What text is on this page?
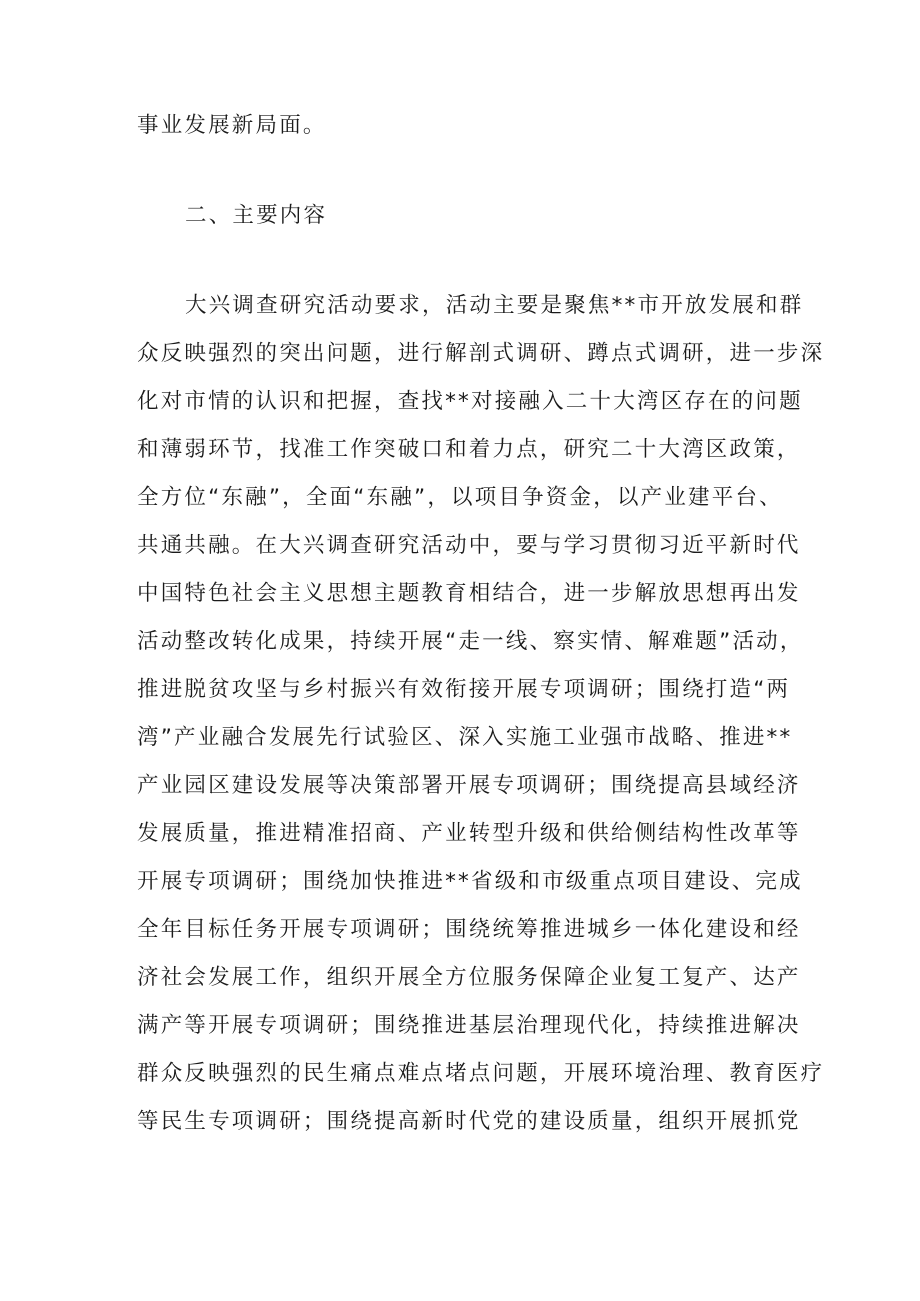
事业发展新局面。
二、主要内容
大兴调查研究活动要求，活动主要是聚焦**市开放发展和群
众反映强烈的突出问题，进行解剖式调研、蹲点式调研，进一步深
化对市情的认识和把握，查找**对接融入二十大湾区存在的问题
和薄弱环节，找准工作突破口和着力点，研究二十大湾区政策，
全方位“东融”，全面“东融”，以项目争资金，以产业建平台、
共通共融。在大兴调查研究活动中，要与学习贯彻习近平新时代
中国特色社会主义思想主题教育相结合，进一步解放思想再出发
活动整改转化成果，持续开展“走一线、察实情、解难题”活动，
推进脱贫攻坚与乡村振兴有效衔接开展专项调研；围绕打造“两
湾”产业融合发展先行试验区、深入实施工业强市战略、推进**
产业园区建设发展等决策部署开展专项调研；围绕提高县域经济
发展质量，推进精准招商、产业转型升级和供给侧结构性改革等
开展专项调研；围绕加快推进**省级和市级重点项目建设、完成
全年目标任务开展专项调研；围绕统筹推进城乡一体化建设和经
济社会发展工作，组织开展全方位服务保障企业复工复产、达产
满产等开展专项调研；围绕推进基层治理现代化，持续推进解决
群众反映强烈的民生痛点难点堵点问题，开展环境治理、教育医疗
等民生专项调研；围绕提高新时代党的建设质量，组织开展抓党
